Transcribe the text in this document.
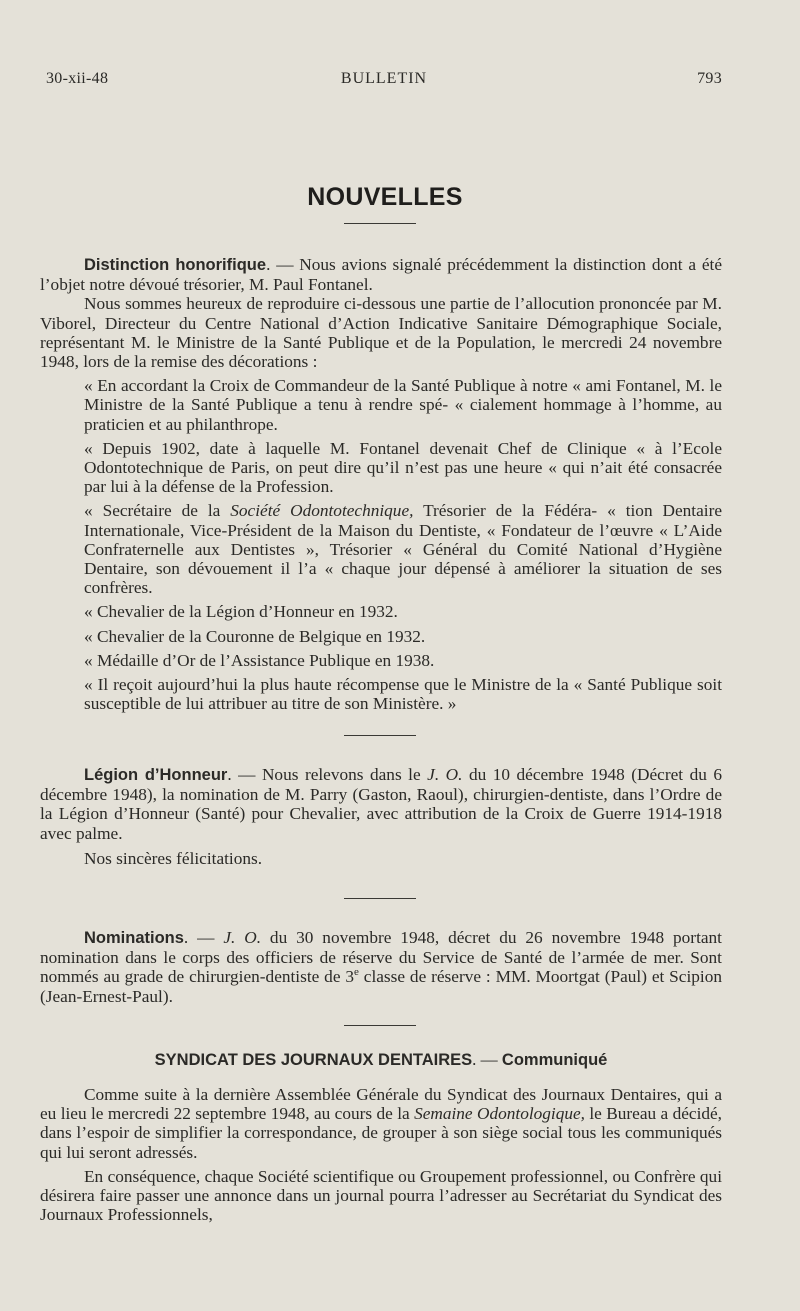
30-xii-48	BULLETIN	793
NOUVELLES

Distinction honorifique. — Nous avions signalé précédemment la distinction dont a été l’objet notre dévoué trésorier, M. Paul Fontanel.

Nous sommes heureux de reproduire ci-dessous une partie de l’allocution prononcée par M. Viborel, Directeur du Centre National d’Action Indicative Sanitaire Démographique Sociale, représentant M. le Ministre de la Santé Publique et de la Population, le mercredi 24 novembre 1948, lors de la remise des décorations :

« En accordant la Croix de Commandeur de la Santé Publique à notre « ami Fontanel, M. le Ministre de la Santé Publique a tenu à rendre spé- « cialement hommage à l’homme, au praticien et au philanthrope.

« Depuis 1902, date à laquelle M. Fontanel devenait Chef de Clinique « à l’Ecole Odontotechnique de Paris, on peut dire qu’il n’est pas une heure « qui n’ait été consacrée par lui à la défense de la Profession.

« Secrétaire de la Société Odontotechnique, Trésorier de la Fédéra- « tion Dentaire Internationale, Vice-Président de la Maison du Dentiste, « Fondateur de l’œuvre « L’Aide Confraternelle aux Dentistes », Trésorier « Général du Comité National d’Hygiène Dentaire, son dévouement il l’a « chaque jour dépensé à améliorer la situation de ses confrères.

« Chevalier de la Légion d’Honneur en 1932.

« Chevalier de la Couronne de Belgique en 1932.

« Médaille d’Or de l’Assistance Publique en 1938.

« Il reçoit aujourd’hui la plus haute récompense que le Ministre de la « Santé Publique soit susceptible de lui attribuer au titre de son Ministère. »

Légion d’Honneur. — Nous relevons dans le J. O. du 10 décembre 1948 (Décret du 6 décembre 1948), la nomination de M. Parry (Gaston, Raoul), chirurgien-dentiste, dans l’Ordre de la Légion d’Honneur (Santé) pour Chevalier, avec attribution de la Croix de Guerre 1914-1918 avec palme.

Nos sincères félicitations.

Nominations. — J. O. du 30 novembre 1948, décret du 26 novembre 1948 portant nomination dans le corps des officiers de réserve du Service de Santé de l’armée de mer. Sont nommés au grade de chirurgien-dentiste de 3e classe de réserve : MM. Moortgat (Paul) et Scipion (Jean-Ernest-Paul).

SYNDICAT DES JOURNAUX DENTAIRES. — Communiqué

Comme suite à la dernière Assemblée Générale du Syndicat des Journaux Dentaires, qui a eu lieu le mercredi 22 septembre 1948, au cours de la Semaine Odontologique, le Bureau a décidé, dans l’espoir de simplifier la correspondance, de grouper à son siège social tous les communiqués qui lui seront adressés.

En conséquence, chaque Société scientifique ou Groupement professionnel, ou Confrère qui désirera faire passer une annonce dans un journal pourra l’adresser au Secrétariat du Syndicat des Journaux Professionnels,
